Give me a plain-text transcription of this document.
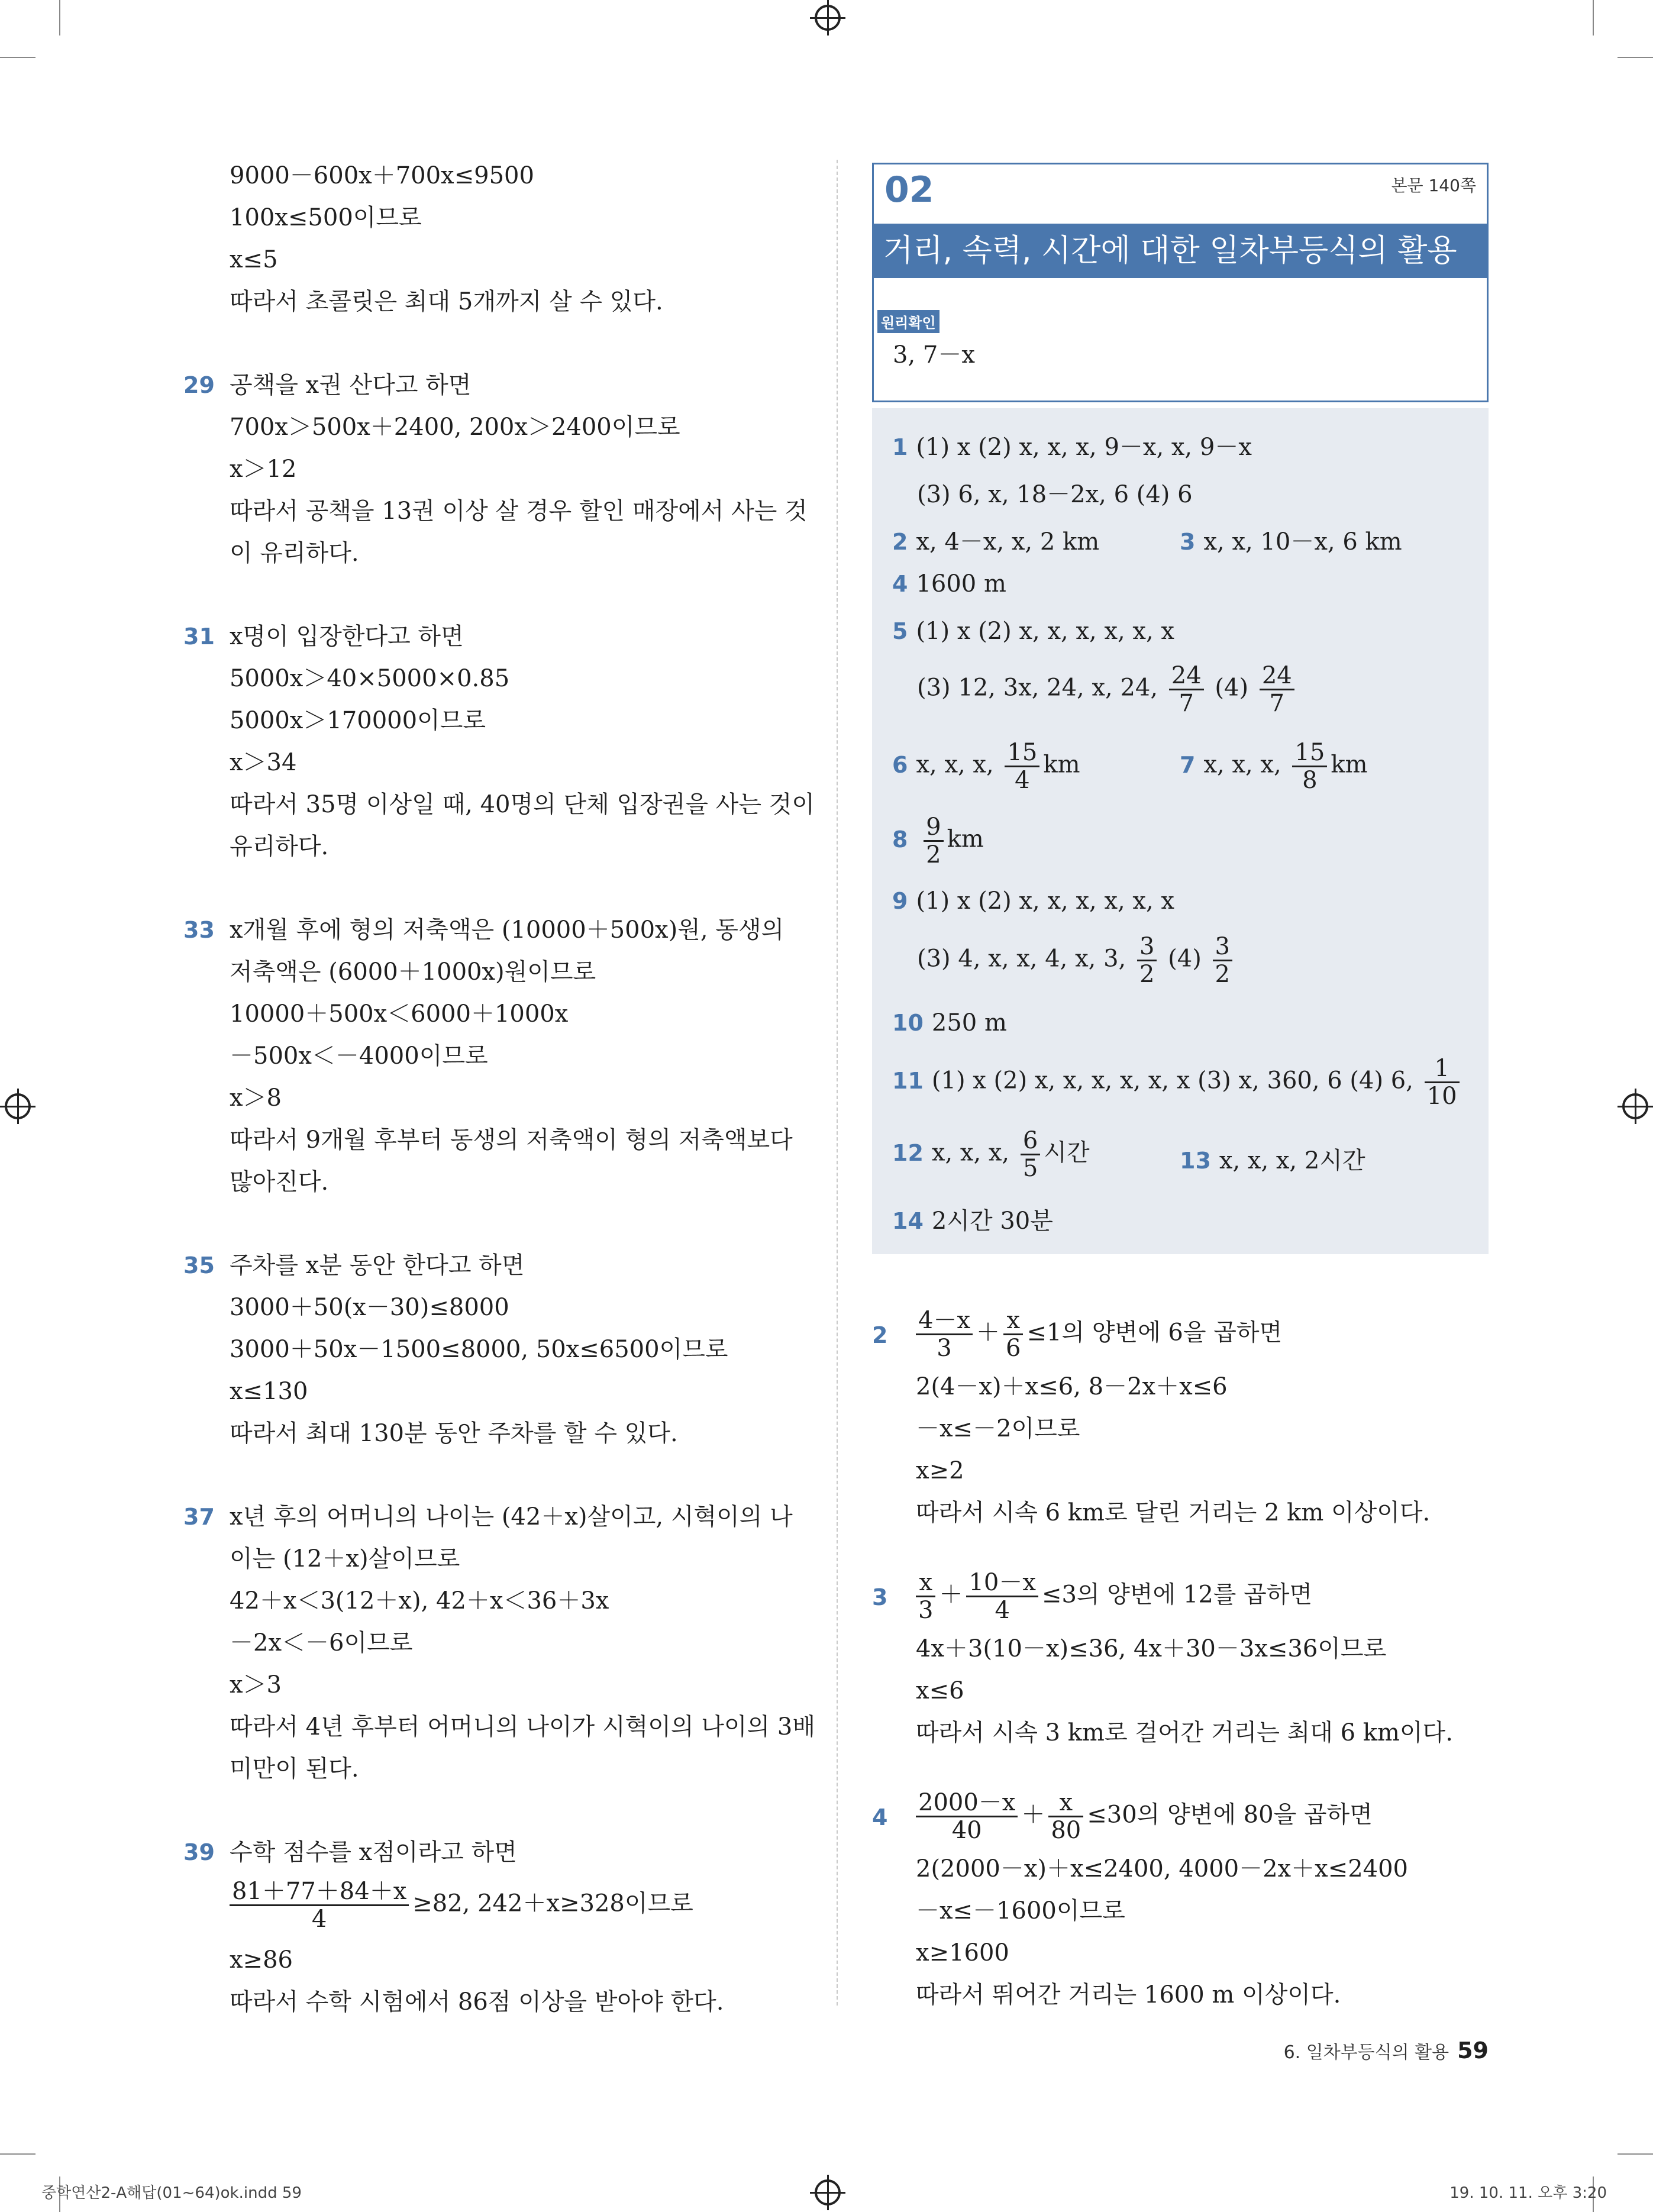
9000－600x＋700x≤9500
100x≤500이므로
x≤5
따라서 초콜릿은 최대 5개까지 살 수 있다.
29 공책을 x권 산다고 하면
700x＞500x＋2400, 200x＞2400이므로
x＞12
따라서 공책을 13권 이상 살 경우 할인 매장에서 사는 것
이 유리하다.
31 x명이 입장한다고 하면
5000x＞40×5000×0.85
5000x＞170000이므로
x＞34
따라서 35명 이상일 때, 40명의 단체 입장권을 사는 것이
유리하다.
33 x개월 후에 형의 저축액은 (10000＋500x)원, 동생의
저축액은 (6000＋1000x)원이므로
10000＋500x＜6000＋1000x
－500x＜－4000이므로
x＞8
따라서 9개월 후부터 동생의 저축액이 형의 저축액보다
많아진다.
35 주차를 x분 동안 한다고 하면
3000＋50(x－30)≤8000
3000＋50x－1500≤8000, 50x≤6500이므로
x≤130
따라서 최대 130분 동안 주차를 할 수 있다.
37 x년 후의 어머니의 나이는 (42＋x)살이고, 시혁이의 나
이는 (12＋x)살이므로
42＋x＜3(12＋x), 42＋x＜36＋3x
－2x＜－6이므로
x＞3
따라서 4년 후부터 어머니의 나이가 시혁이의 나이의 3배
미만이 된다.
39 수학 점수를 x점이라고 하면
$\frac{81+77+84+x}{4} \ge 82$, 242＋x≥328이므로
x≥86
따라서 수학 시험에서 86점 이상을 받아야 한다.
02	본문 140쪽
거리, 속력, 시간에 대한 일차부등식의 활용
원리확인
3, 7－x
1 (1) x (2) x, x, x, 9－x, x, 9－x
(3) 6, x, 18－2x, 6 (4) 6
2 x, 4－x, x, 2 km	3 x, x, 10－x, 6 km
4 1600 m
5 (1) x (2) x, x, x, x, x, x
(3) 12, 3x, 24, x, 24, $\frac{24}{7} (4) \frac{24}{7}$
6 x, x, x, $\frac{15}{4}$ km	7 x, x, x, $\frac{15}{8}$ km
$8 \frac{9}{2}$ km
9 (1) x (2) x, x, x, x, x, x
(3) 4, x, x, 4, x, 3, $\frac{3}{2} (4) \frac{3}{2}$
10 250 m
11 (1) x (2) x, x, x, x, x, x (3) x, 360, 6 (4) 6, $\frac{1}{10}$
12 x, x, x, $\frac{6}{5}$ 시간	13 x, x, x, 2시간
14 2시간 30분
$2 \frac{4-x}{3} + \frac{x}{6} \le 1$의 양변에 6을 곱하면
2(4－x)＋x≤6, 8－2x＋x≤6
－x≤－2이므로
x≥2
따라서 시속 6 km로 달린 거리는 2 km 이상이다.
$3 \frac{x}{3} + \frac{10-x}{4} \le 3$의 양변에 12를 곱하면
4x＋3(10－x)≤36, 4x＋30－3x≤36이므로
x≤6
따라서 시속 3 km로 걸어간 거리는 최대 6 km이다.
$4 \frac{2000-x}{40} + \frac{x}{80} \le 30$의 양변에 80을 곱하면
2(2000－x)＋x≤2400, 4000－2x＋x≤2400
－x≤－1600이므로
x≥1600
따라서 뛰어간 거리는 1600 m 이상이다.
6. 일차부등식의 활용 59
중학연산2-A해답(01~64)ok.indd 59	19. 10. 11. 오후 3:20
